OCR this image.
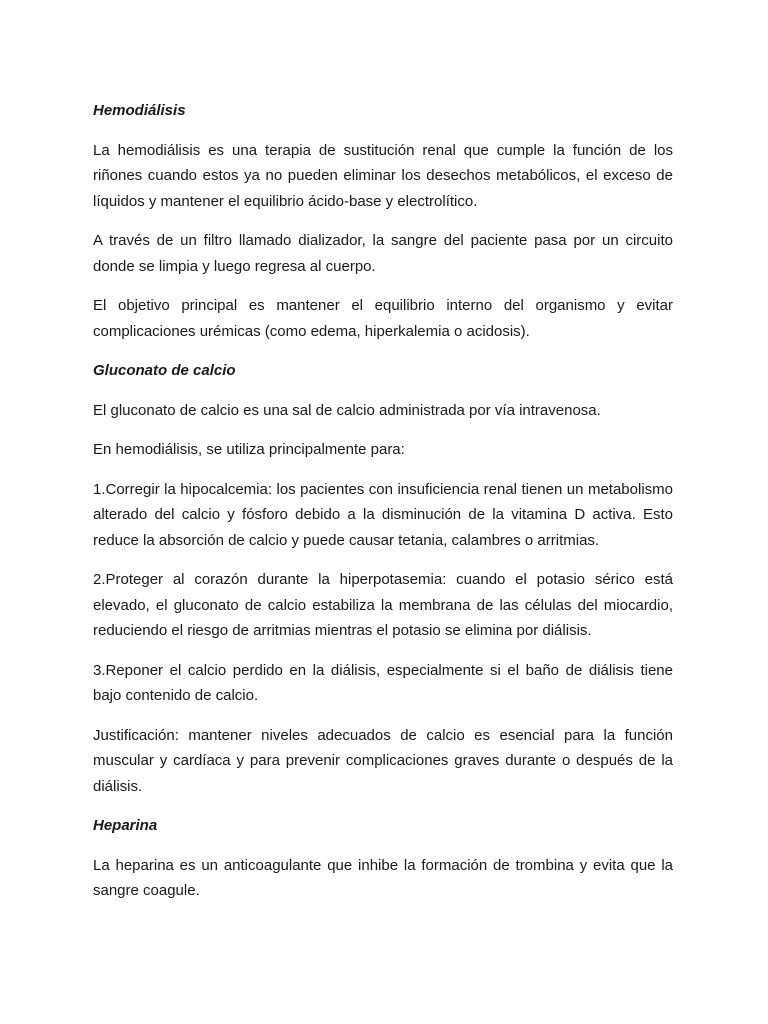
Hemodiálisis

La hemodiálisis es una terapia de sustitución renal que cumple la función de los riñones cuando estos ya no pueden eliminar los desechos metabólicos, el exceso de líquidos y mantener el equilibrio ácido-base y electrolítico.

A través de un filtro llamado dializador, la sangre del paciente pasa por un circuito donde se limpia y luego regresa al cuerpo.

El objetivo principal es mantener el equilibrio interno del organismo y evitar complicaciones urémicas (como edema, hiperkalemia o acidosis).

Gluconato de calcio

El gluconato de calcio es una sal de calcio administrada por vía intravenosa.

En hemodiálisis, se utiliza principalmente para:

1.Corregir la hipocalcemia: los pacientes con insuficiencia renal tienen un metabolismo alterado del calcio y fósforo debido a la disminución de la vitamina D activa. Esto reduce la absorción de calcio y puede causar tetania, calambres o arritmias.

2.Proteger al corazón durante la hiperpotasemia: cuando el potasio sérico está elevado, el gluconato de calcio estabiliza la membrana de las células del miocardio, reduciendo el riesgo de arritmias mientras el potasio se elimina por diálisis.

3.Reponer el calcio perdido en la diálisis, especialmente si el baño de diálisis tiene bajo contenido de calcio.

Justificación: mantener niveles adecuados de calcio es esencial para la función muscular y cardíaca y para prevenir complicaciones graves durante o después de la diálisis.

Heparina

La heparina es un anticoagulante que inhibe la formación de trombina y evita que la sangre coagule.
